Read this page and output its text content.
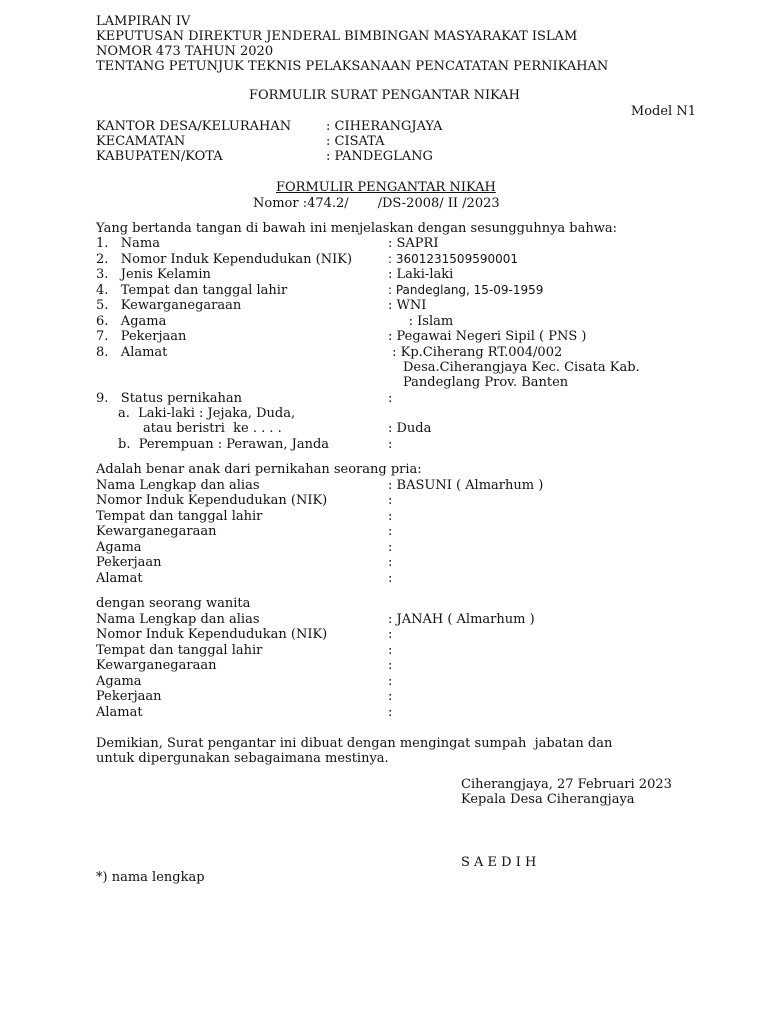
LAMPIRAN IV
KEPUTUSAN DIREKTUR JENDERAL BIMBINGAN MASYARAKAT ISLAM
NOMOR 473 TAHUN 2020
TENTANG PETUNJUK TEKNIS PELAKSANAAN PENCATATAN PERNIKAHAN
FORMULIR SURAT PENGANTAR NIKAH
Model N1
KANTOR DESA/KELURAHAN	: CIHERANGJAYA
KECAMATAN	: CISATA
KABUPATEN/KOTA	: PANDEGLANG
FORMULIR PENGANTAR NIKAH
Nomor :474.2/       /DS-2008/ II /2023
Yang bertanda tangan di bawah ini menjelaskan dengan sesungguhnya bahwa:
1.   Nama	: SAPRI
2.   Nomor Induk Kependudukan (NIK)	: 3601231509590001
3.   Jenis Kelamin	: Laki-laki
4.   Tempat dan tanggal lahir	: Pandeglang, 15-09-1959
5.   Kewarganegaraan	: WNI
6.   Agama	: Islam
7.   Pekerjaan	: Pegawai Negeri Sipil ( PNS )
8.   Alamat	: Kp.Ciherang RT.004/002
Desa.Ciherangjaya Kec. Cisata Kab.
Pandeglang Prov. Banten
9.   Status pernikahan	:
a.  Laki-laki : Jejaka, Duda,
atau beristri  ke . . . .	: Duda
b.  Perempuan : Perawan, Janda	:
Adalah benar anak dari pernikahan seorang pria:
Nama Lengkap dan alias	: BASUNI ( Almarhum )
Nomor Induk Kependudukan (NIK)	:
Tempat dan tanggal lahir	:
Kewarganegaraan	:
Agama	:
Pekerjaan	:
Alamat	:
dengan seorang wanita
Nama Lengkap dan alias	: JANAH ( Almarhum )
Nomor Induk Kependudukan (NIK)	:
Tempat dan tanggal lahir	:
Kewarganegaraan	:
Agama	:
Pekerjaan	:
Alamat	:
Demikian, Surat pengantar ini dibuat dengan mengingat sumpah  jabatan dan
untuk dipergunakan sebagaimana mestinya.
Ciherangjaya, 27 Februari 2023
Kepala Desa Ciherangjaya
S A E D I H
*) nama lengkap
